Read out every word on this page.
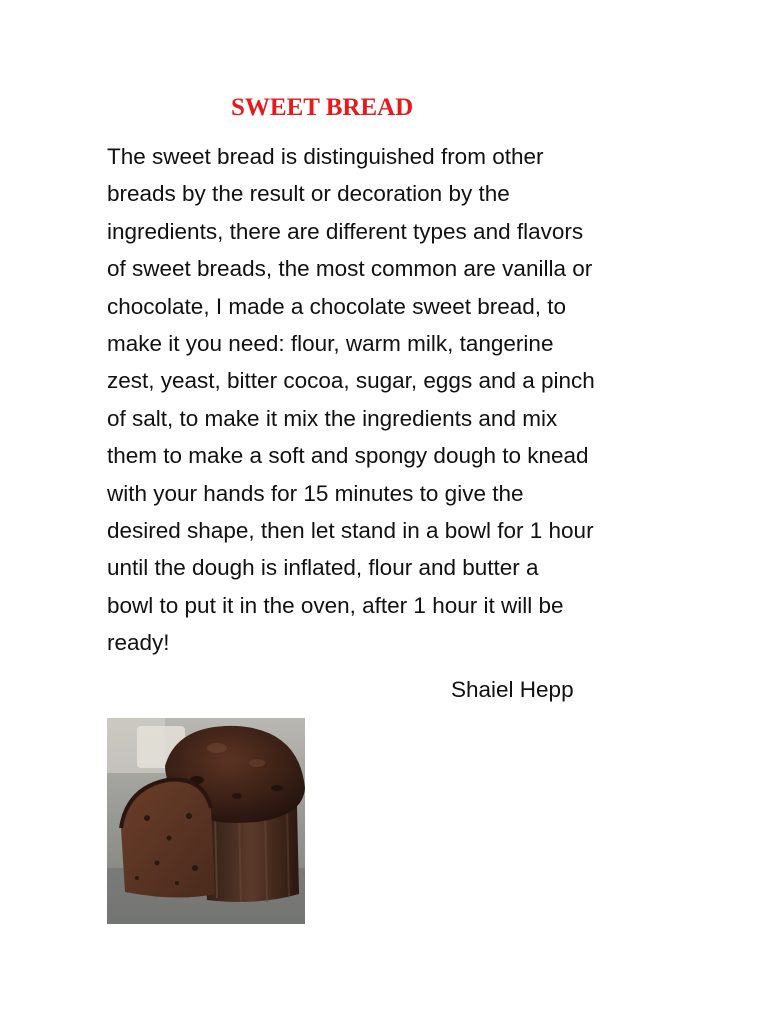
SWEET BREAD
The sweet bread is distinguished from other
breads by the result or decoration by the
ingredients, there are different types and flavors
of sweet breads, the most common are vanilla or
chocolate, I made a chocolate sweet bread, to
make it you need: flour, warm milk, tangerine
zest, yeast, bitter cocoa, sugar, eggs and a pinch
of salt, to make it mix the ingredients and mix
them to make a soft and spongy dough to knead
with your hands for 15 minutes to give the
desired shape, then let stand in a bowl for 1 hour
until the dough is inflated, flour and butter a
bowl to put it in the oven, after 1 hour it will be
ready!
Shaiel Hepp
